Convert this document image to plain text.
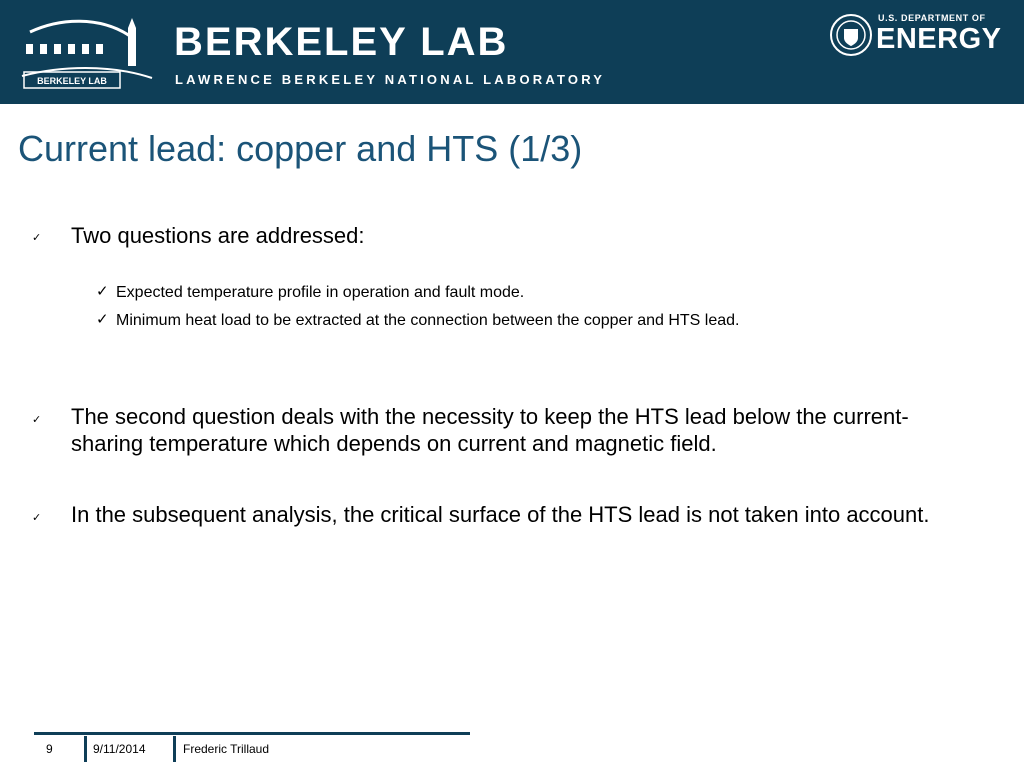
BERKELEY LAB
BERKELEY LAB
LAWRENCE BERKELEY NATIONAL LABORATORY
U.S. DEPARTMENT OF
ENERGY
Current lead: copper and HTS (1/3)
✓ Two questions are addressed:
✓ Expected temperature profile in operation and fault mode.
✓ Minimum heat load to be extracted at the connection between the copper and HTS lead.
✓ The second question deals with the necessity to keep the HTS lead below the current-sharing temperature which depends on current and magnetic field.
✓ In the subsequent analysis, the critical surface of the HTS lead is not taken into account.
9	9/11/2014	Frederic Trillaud
